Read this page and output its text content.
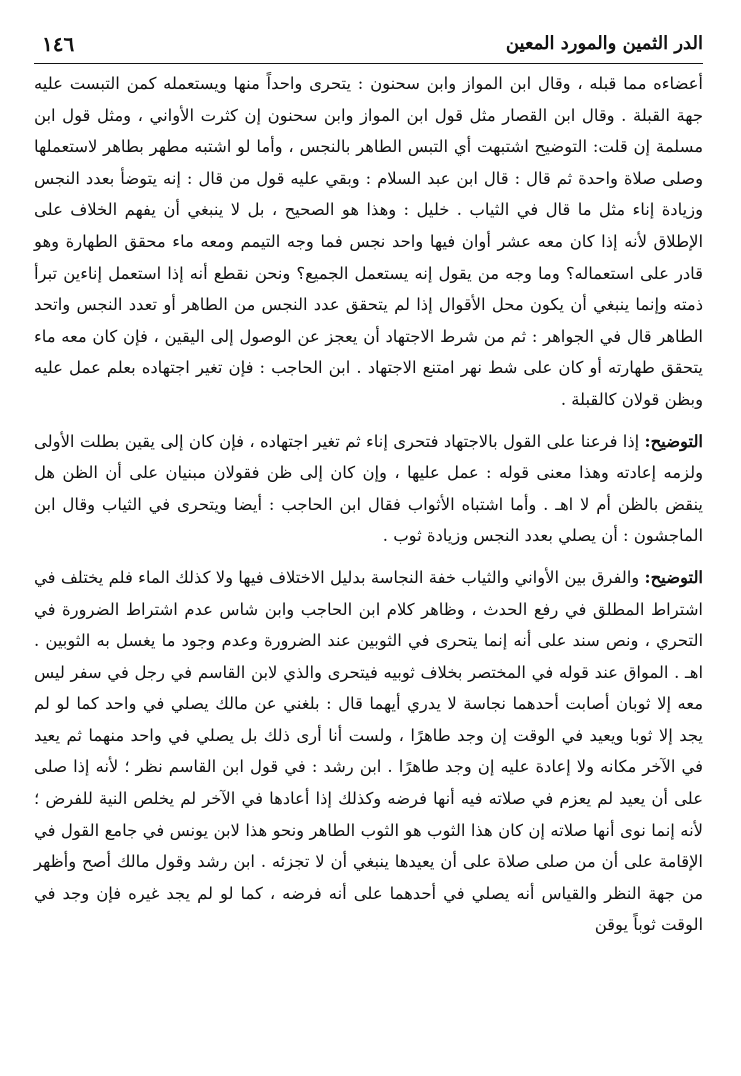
الدر الثمين والمورد المعين
١٤٦

أعضاءه مما قبله ، وقال ابن المواز وابن سحنون : يتحرى واحداً منها ويستعمله كمن التبست عليه جهة القبلة . وقال ابن القصار مثل قول ابن المواز وابن سحنون إن كثرت الأواني ، ومثل قول ابن مسلمة إن قلت: التوضيح اشتبهت أي التبس الطاهر بالنجس ، وأما لو اشتبه مطهر بطاهر لاستعملها وصلى صلاة واحدة ثم قال : قال ابن عبد السلام : وبقي عليه قول من قال : إنه يتوضأ بعدد النجس وزيادة إناء مثل ما قال في الثياب . خليل : وهذا هو الصحيح ، بل لا ينبغي أن يفهم الخلاف على الإطلاق لأنه إذا كان معه عشر أوان فيها واحد نجس فما وجه التيمم ومعه ماء محقق الطهارة وهو قادر على استعماله؟ وما وجه من يقول إنه يستعمل الجميع؟ ونحن نقطع أنه إذا استعمل إناءين تبرأ ذمته وإنما ينبغي أن يكون محل الأقوال إذا لم يتحقق عدد النجس من الطاهر أو تعدد النجس واتحد الطاهر قال في الجواهر : ثم من شرط الاجتهاد أن يعجز عن الوصول إلى اليقين ، فإن كان معه ماء يتحقق طهارته أو كان على شط نهر امتنع الاجتهاد . ابن الحاجب : فإن تغير اجتهاده بعلم عمل عليه وبظن قولان كالقبلة .

التوضيح: إذا فرعنا على القول بالاجتهاد فتحرى إناء ثم تغير اجتهاده ، فإن كان إلى يقين بطلت الأولى ولزمه إعادته وهذا معنى قوله : عمل عليها ، وإن كان إلى ظن فقولان مبنيان على أن الظن هل ينقض بالظن أم لا اهـ . وأما اشتباه الأثواب فقال ابن الحاجب : أيضا ويتحرى في الثياب وقال ابن الماجشون : أن يصلي بعدد النجس وزيادة ثوب .

التوضيح: والفرق بين الأواني والثياب خفة النجاسة بدليل الاختلاف فيها ولا كذلك الماء فلم يختلف في اشتراط المطلق في رفع الحدث ، وظاهر كلام ابن الحاجب وابن شاس عدم اشتراط الضرورة في التحري ، ونص سند على أنه إنما يتحرى في الثوبين عند الضرورة وعدم وجود ما يغسل به الثوبين . اهـ . المواق عند قوله في المختصر بخلاف ثوبيه فيتحرى والذي لابن القاسم في رجل في سفر ليس معه إلا ثوبان أصابت أحدهما نجاسة لا يدري أيهما قال : بلغني عن مالك يصلي في واحد كما لو لم يجد إلا ثوبا ويعيد في الوقت إن وجد طاهرًا ، ولست أنا أرى ذلك بل يصلي في واحد منهما ثم يعيد في الآخر مكانه ولا إعادة عليه إن وجد طاهرًا . ابن رشد : في قول ابن القاسم نظر ؛ لأنه إذا صلى على أن يعيد لم يعزم في صلاته فيه أنها فرضه وكذلك إذا أعادها في الآخر لم يخلص النية للفرض ؛ لأنه إنما نوى أنها صلاته إن كان هذا الثوب هو الثوب الطاهر ونحو هذا لابن يونس في جامع القول في الإقامة على أن من صلى صلاة على أن يعيدها ينبغي أن لا تجزئه . ابن رشد وقول مالك أصح وأظهر من جهة النظر والقياس أنه يصلي في أحدهما على أنه فرضه ، كما لو لم يجد غيره فإن وجد في الوقت ثوباً يوقن
